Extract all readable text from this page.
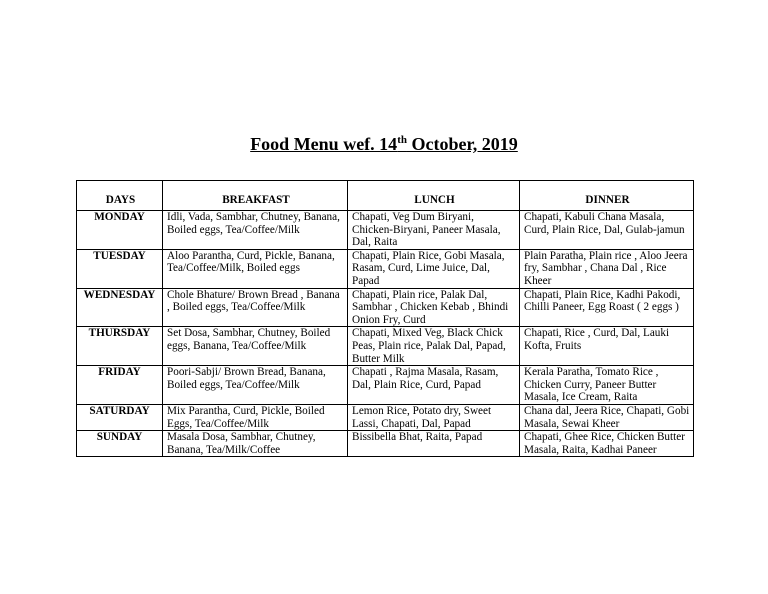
Food Menu wef. 14th October, 2019
DAYS	BREAKFAST	LUNCH	DINNER
MONDAY	Idli, Vada, Sambhar, Chutney, Banana, Boiled eggs, Tea/Coffee/Milk	Chapati, Veg Dum Biryani, Chicken-Biryani, Paneer Masala, Dal, Raita	Chapati, Kabuli Chana Masala, Curd, Plain Rice, Dal, Gulab-jamun
TUESDAY	Aloo Parantha, Curd, Pickle, Banana, Tea/Coffee/Milk, Boiled eggs	Chapati, Plain Rice, Gobi Masala, Rasam, Curd, Lime Juice, Dal, Papad	Plain Paratha, Plain rice , Aloo Jeera fry, Sambhar , Chana Dal , Rice Kheer
WEDNESDAY	Chole Bhature/ Brown Bread , Banana , Boiled eggs, Tea/Coffee/Milk	Chapati, Plain rice, Palak Dal, Sambhar , Chicken Kebab , Bhindi Onion Fry, Curd	Chapati, Plain Rice, Kadhi Pakodi, Chilli Paneer, Egg Roast ( 2 eggs )
THURSDAY	Set Dosa, Sambhar, Chutney, Boiled eggs, Banana, Tea/Coffee/Milk	Chapati, Mixed Veg, Black Chick Peas, Plain rice, Palak Dal, Papad, Butter Milk	Chapati, Rice , Curd, Dal, Lauki Kofta, Fruits
FRIDAY	Poori-Sabji/ Brown Bread, Banana, Boiled eggs, Tea/Coffee/Milk	Chapati , Rajma Masala, Rasam, Dal, Plain Rice, Curd, Papad	Kerala Paratha, Tomato Rice , Chicken Curry, Paneer Butter Masala, Ice Cream, Raita
SATURDAY	Mix Parantha, Curd, Pickle, Boiled Eggs, Tea/Coffee/Milk	Lemon Rice, Potato dry, Sweet Lassi, Chapati, Dal, Papad	Chana dal, Jeera Rice, Chapati, Gobi Masala, Sewai Kheer
SUNDAY	Masala Dosa, Sambhar, Chutney, Banana, Tea/Milk/Coffee	Bissibella Bhat, Raita, Papad	Chapati, Ghee Rice, Chicken Butter Masala, Raita, Kadhai Paneer
